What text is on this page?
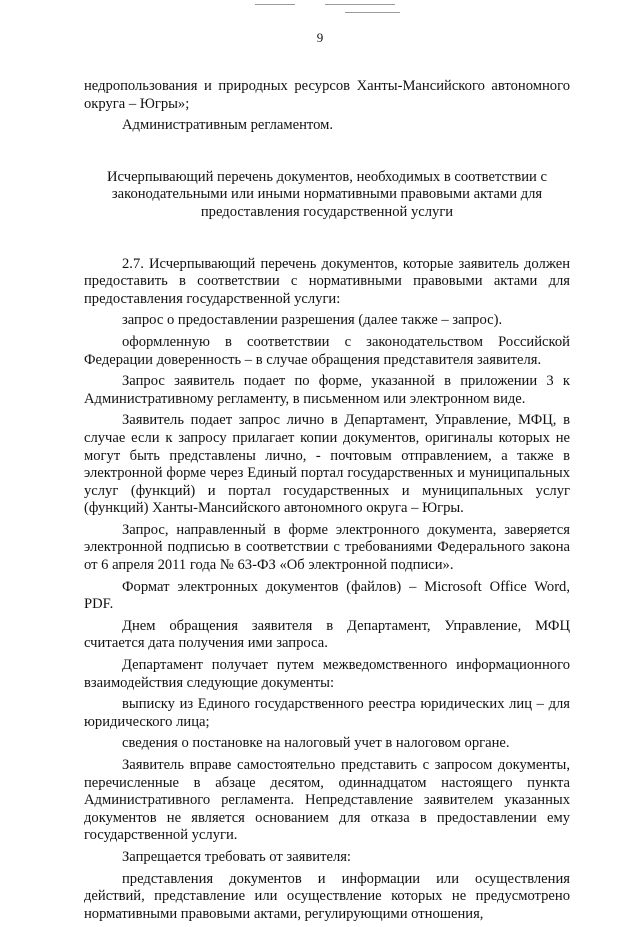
9

недропользования и природных ресурсов Ханты-Мансийского автономного округа – Югры»;

Административным регламентом.

Исчерпывающий перечень документов, необходимых в соответствии с законодательными или иными нормативными правовыми актами для предоставления государственной услуги

2.7. Исчерпывающий перечень документов, которые заявитель должен предоставить в соответствии с нормативными правовыми актами для предоставления государственной услуги:

запрос о предоставлении разрешения (далее также – запрос).

оформленную в соответствии с законодательством Российской Федерации доверенность – в случае обращения представителя заявителя.

Запрос заявитель подает по форме, указанной в приложении 3 к Административному регламенту, в письменном или электронном виде.

Заявитель подает запрос лично в Департамент, Управление, МФЦ, в случае если к запросу прилагает копии документов, оригиналы которых не могут быть представлены лично, - почтовым отправлением, а также в электронной форме через Единый портал государственных и муниципальных услуг (функций) и портал государственных и муниципальных услуг (функций) Ханты-Мансийского автономного округа – Югры.

Запрос, направленный в форме электронного документа, заверяется электронной подписью в соответствии с требованиями Федерального закона от 6 апреля 2011 года № 63-ФЗ «Об электронной подписи».

Формат электронных документов (файлов) – Microsoft Office Word, PDF.

Днем обращения заявителя в Департамент, Управление, МФЦ считается дата получения ими запроса.

Департамент получает путем межведомственного информационного взаимодействия следующие документы:

выписку из Единого государственного реестра юридических лиц – для юридического лица;

сведения о постановке на налоговый учет в налоговом органе.

Заявитель вправе самостоятельно представить с запросом документы, перечисленные в абзаце десятом, одиннадцатом настоящего пункта Административного регламента. Непредставление заявителем указанных документов не является основанием для отказа в предоставлении ему государственной услуги.

Запрещается требовать от заявителя:

представления документов и информации или осуществления действий, представление или осуществление которых не предусмотрено нормативными правовыми актами, регулирующими отношения,
